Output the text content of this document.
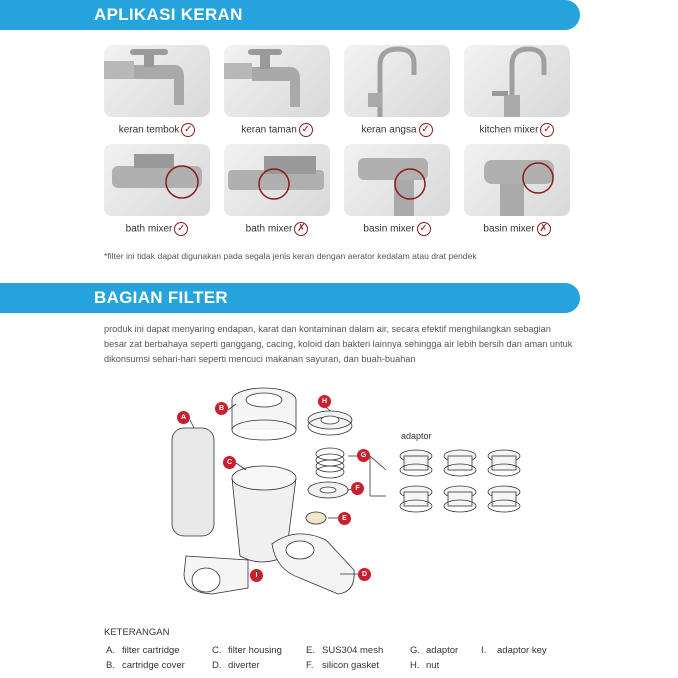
APLIKASI KERAN
keran tembok ✓	keran taman ✓	keran angsa ✓	kitchen mixer ✓
bath mixer ✓	bath mixer ✗	basin mixer ✓	basin mixer ✗
*filter ini tidak dapat digunakan pada segala jenis keran dengan aerator kedalam atau drat pendek
BAGIAN FILTER
produk ini dapat menyaring endapan, karat dan kontaminan dalam air, secara efektif menghilangkan sebagian besar zat berbahaya seperti ganggang, cacing, koloid dan bakteri lainnya sehingga air lebih bersih dan aman untuk dikonsumsi sehari-hari seperti mencuci makanan sayuran, dan buah-buahan
A
B
C
D
E
F
G
H
I
adaptor
KETERANGAN
A. filter cartridge
B. cartridge cover
C. filter housing
D. diverter
E. SUS304 mesh
F. silicon gasket
G. adaptor
H. nut
I. adaptor key
